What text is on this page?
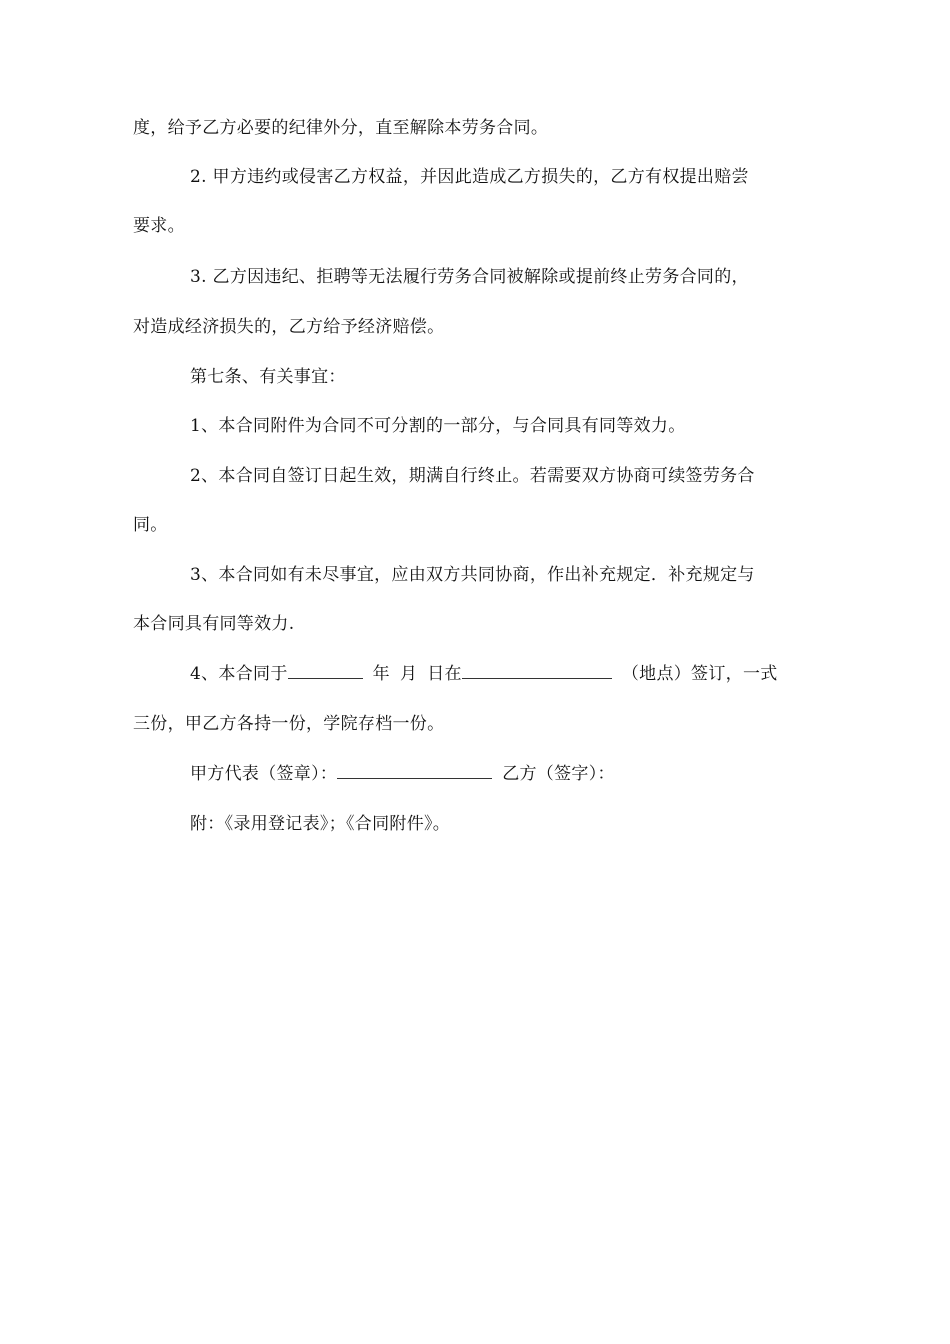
度，给予乙方必要的纪律外分，直至解除本劳务合同。
2. 甲方违约或侵害乙方权益，并因此造成乙方损失的，乙方有权提出赔尝
要求。
3. 乙方因违纪、拒聘等无法履行劳务合同被解除或提前终止劳务合同的，
对造成经济损失的，乙方给予经济赔偿。
第七条、有关事宜：
1、本合同附件为合同不可分割的一部分，与合同具有同等效力。
2、本合同自签订日起生效，期满自行终止。若需要双方协商可续签劳务合
同。
3、本合同如有未尽事宜，应由双方共同协商，作出补充规定．补充规定与
本合同具有同等效力.
4、本合同于	年 月 日在	（地点）签订，一式
三份，甲乙方各持一份，学院存档一份。
甲方代表（签章）：	乙方（签字）：
附：《录用登记表》；《合同附件》。
